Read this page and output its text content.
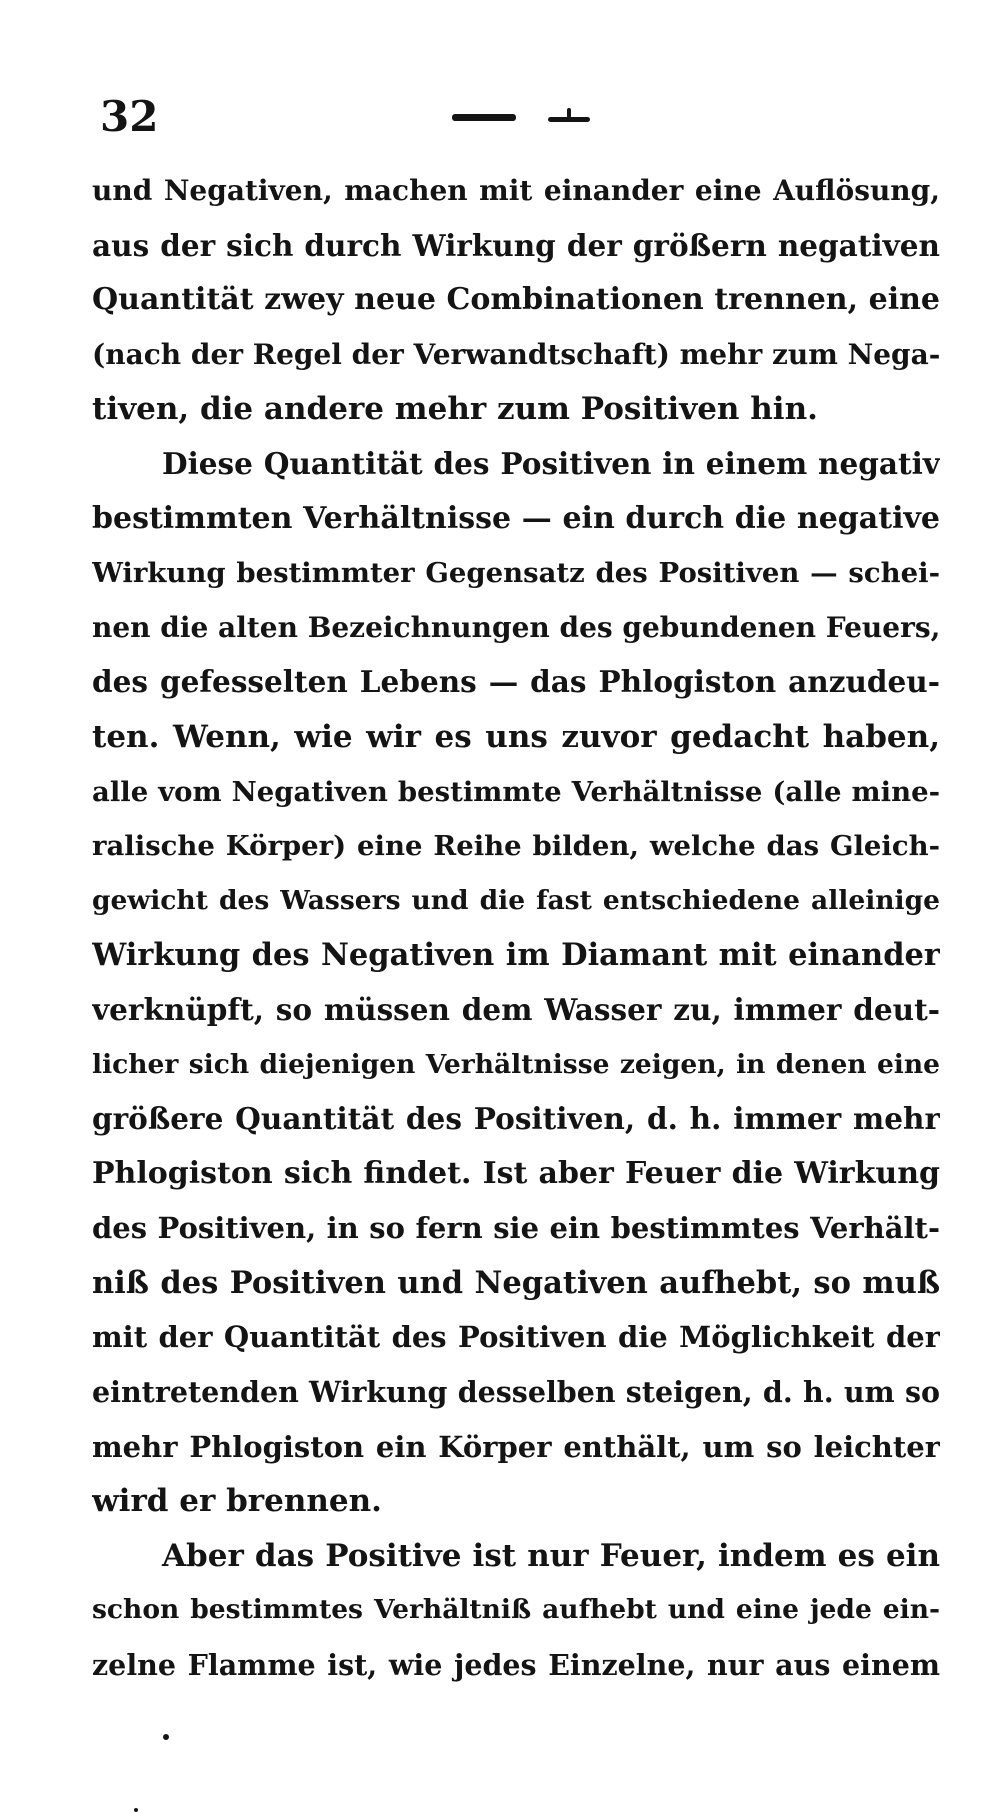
32
und Negativen, machen mit einander eine Auflösung,
aus der sich durch Wirkung der größern negativen
Quantität zwey neue Combinationen trennen, eine
(nach der Regel der Verwandtschaft) mehr zum Nega-
tiven, die andere mehr zum Positiven hin.
Diese Quantität des Positiven in einem negativ
bestimmten Verhältnisse — ein durch die negative
Wirkung bestimmter Gegensatz des Positiven — schei-
nen die alten Bezeichnungen des gebundenen Feuers,
des gefesselten Lebens — das Phlogiston anzudeu-
ten. Wenn, wie wir es uns zuvor gedacht haben,
alle vom Negativen bestimmte Verhältnisse (alle mine-
ralische Körper) eine Reihe bilden, welche das Gleich-
gewicht des Wassers und die fast entschiedene alleinige
Wirkung des Negativen im Diamant mit einander
verknüpft, so müssen dem Wasser zu, immer deut-
licher sich diejenigen Verhältnisse zeigen, in denen eine
größere Quantität des Positiven, d. h. immer mehr
Phlogiston sich findet. Ist aber Feuer die Wirkung
des Positiven, in so fern sie ein bestimmtes Verhält-
niß des Positiven und Negativen aufhebt, so muß
mit der Quantität des Positiven die Möglichkeit der
eintretenden Wirkung desselben steigen, d. h. um so
mehr Phlogiston ein Körper enthält, um so leichter
wird er brennen.
Aber das Positive ist nur Feuer, indem es ein
schon bestimmtes Verhältniß aufhebt und eine jede ein-
zelne Flamme ist, wie jedes Einzelne, nur aus einem
